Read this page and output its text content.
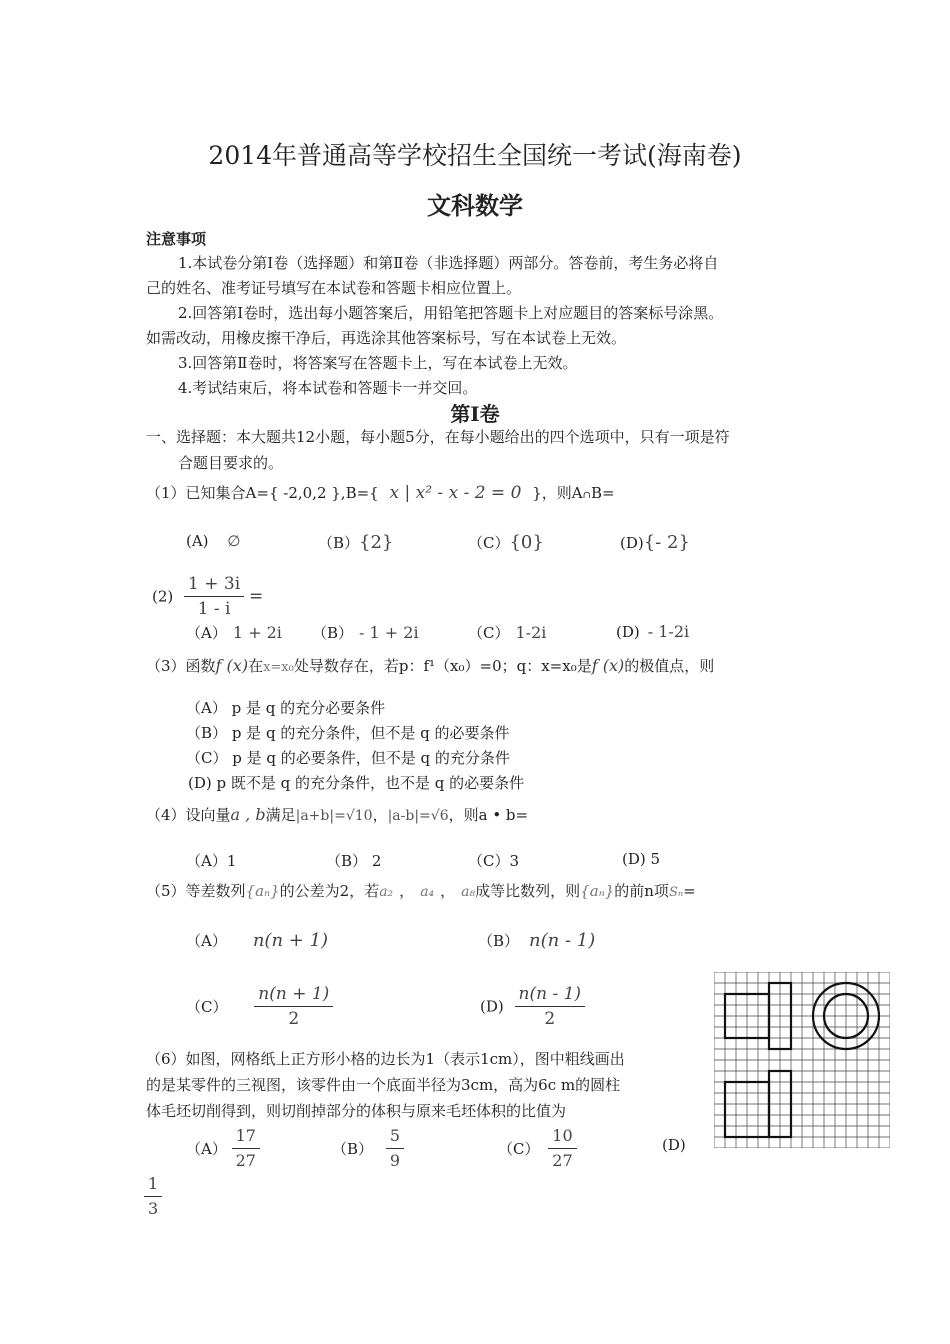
2014年普通高等学校招生全国统一考试(海南卷)
文科数学
注意事项
1.本试卷分第Ⅰ卷（选择题）和第Ⅱ卷（非选择题）两部分。答卷前，考生务必将自
己的姓名、准考证号填写在本试卷和答题卡相应位置上。
2.回答第Ⅰ卷时，选出每小题答案后，用铅笔把答题卡上对应题目的答案标号涂黑。
如需改动，用橡皮擦干净后，再选涂其他答案标号，写在本试卷上无效。
3.回答第Ⅱ卷时，将答案写在答题卡上，写在本试卷上无效。
4.考试结束后，将本试卷和答题卡一并交回。
第Ⅰ卷
一、选择题：本大题共12小题，每小题5分，在每小题给出的四个选项中，只有一项是符
合题目要求的。
（1）已知集合A={ -2,0,2 },B={ x | x² - x - 2 = 0 }，则A∩B=
(A) ∅	（B）{2}	（C）{0}	(D){- 2}
$(2) \frac{1 + 3i}{1 - i}$ =
（A） 1 + 2i （B） - 1 + 2i	（C） 1-2i	(D) - 1-2i
（3）函数f (x)在x=x₀处导数存在，若p：f¹（x₀）=0；q：x=x₀是f (x)的极值点，则
（A） p 是 q 的充分必要条件
（B） p 是 q 的充分条件，但不是 q 的必要条件
（C） p 是 q 的必要条件，但不是 q 的充分条件
(D) p 既不是 q 的充分条件，也不是 q 的必要条件
（4）设向量a , b满足|a+b|=√10，|a-b|=√6，则a • b=
（A）1	（B） 2	（C）3	(D) 5
（5）等差数列{aₙ}的公差为2，若a₂ ， a₄ ， a₈成等比数列，则{aₙ}的前n项Sₙ=
（A） n(n + 1)	（B） n(n - 1)
$(C) \frac{n(n + 1)}{2}$	$(D) \frac{n(n - 1)}{2}$
（6）如图，网格纸上正方形小格的边长为1（表示1cm），图中粗线画出
的是某零件的三视图，该零件由一个底面半径为3cm，高为6c m的圆柱
体毛坯切削得到，则切削掉部分的体积与原来毛坯体积的比值为
$(A) \frac{17}{27}$	$(B) \frac{5}{9}$	$(C) \frac{10}{27}$	(D)
$\frac{1}{3}$
